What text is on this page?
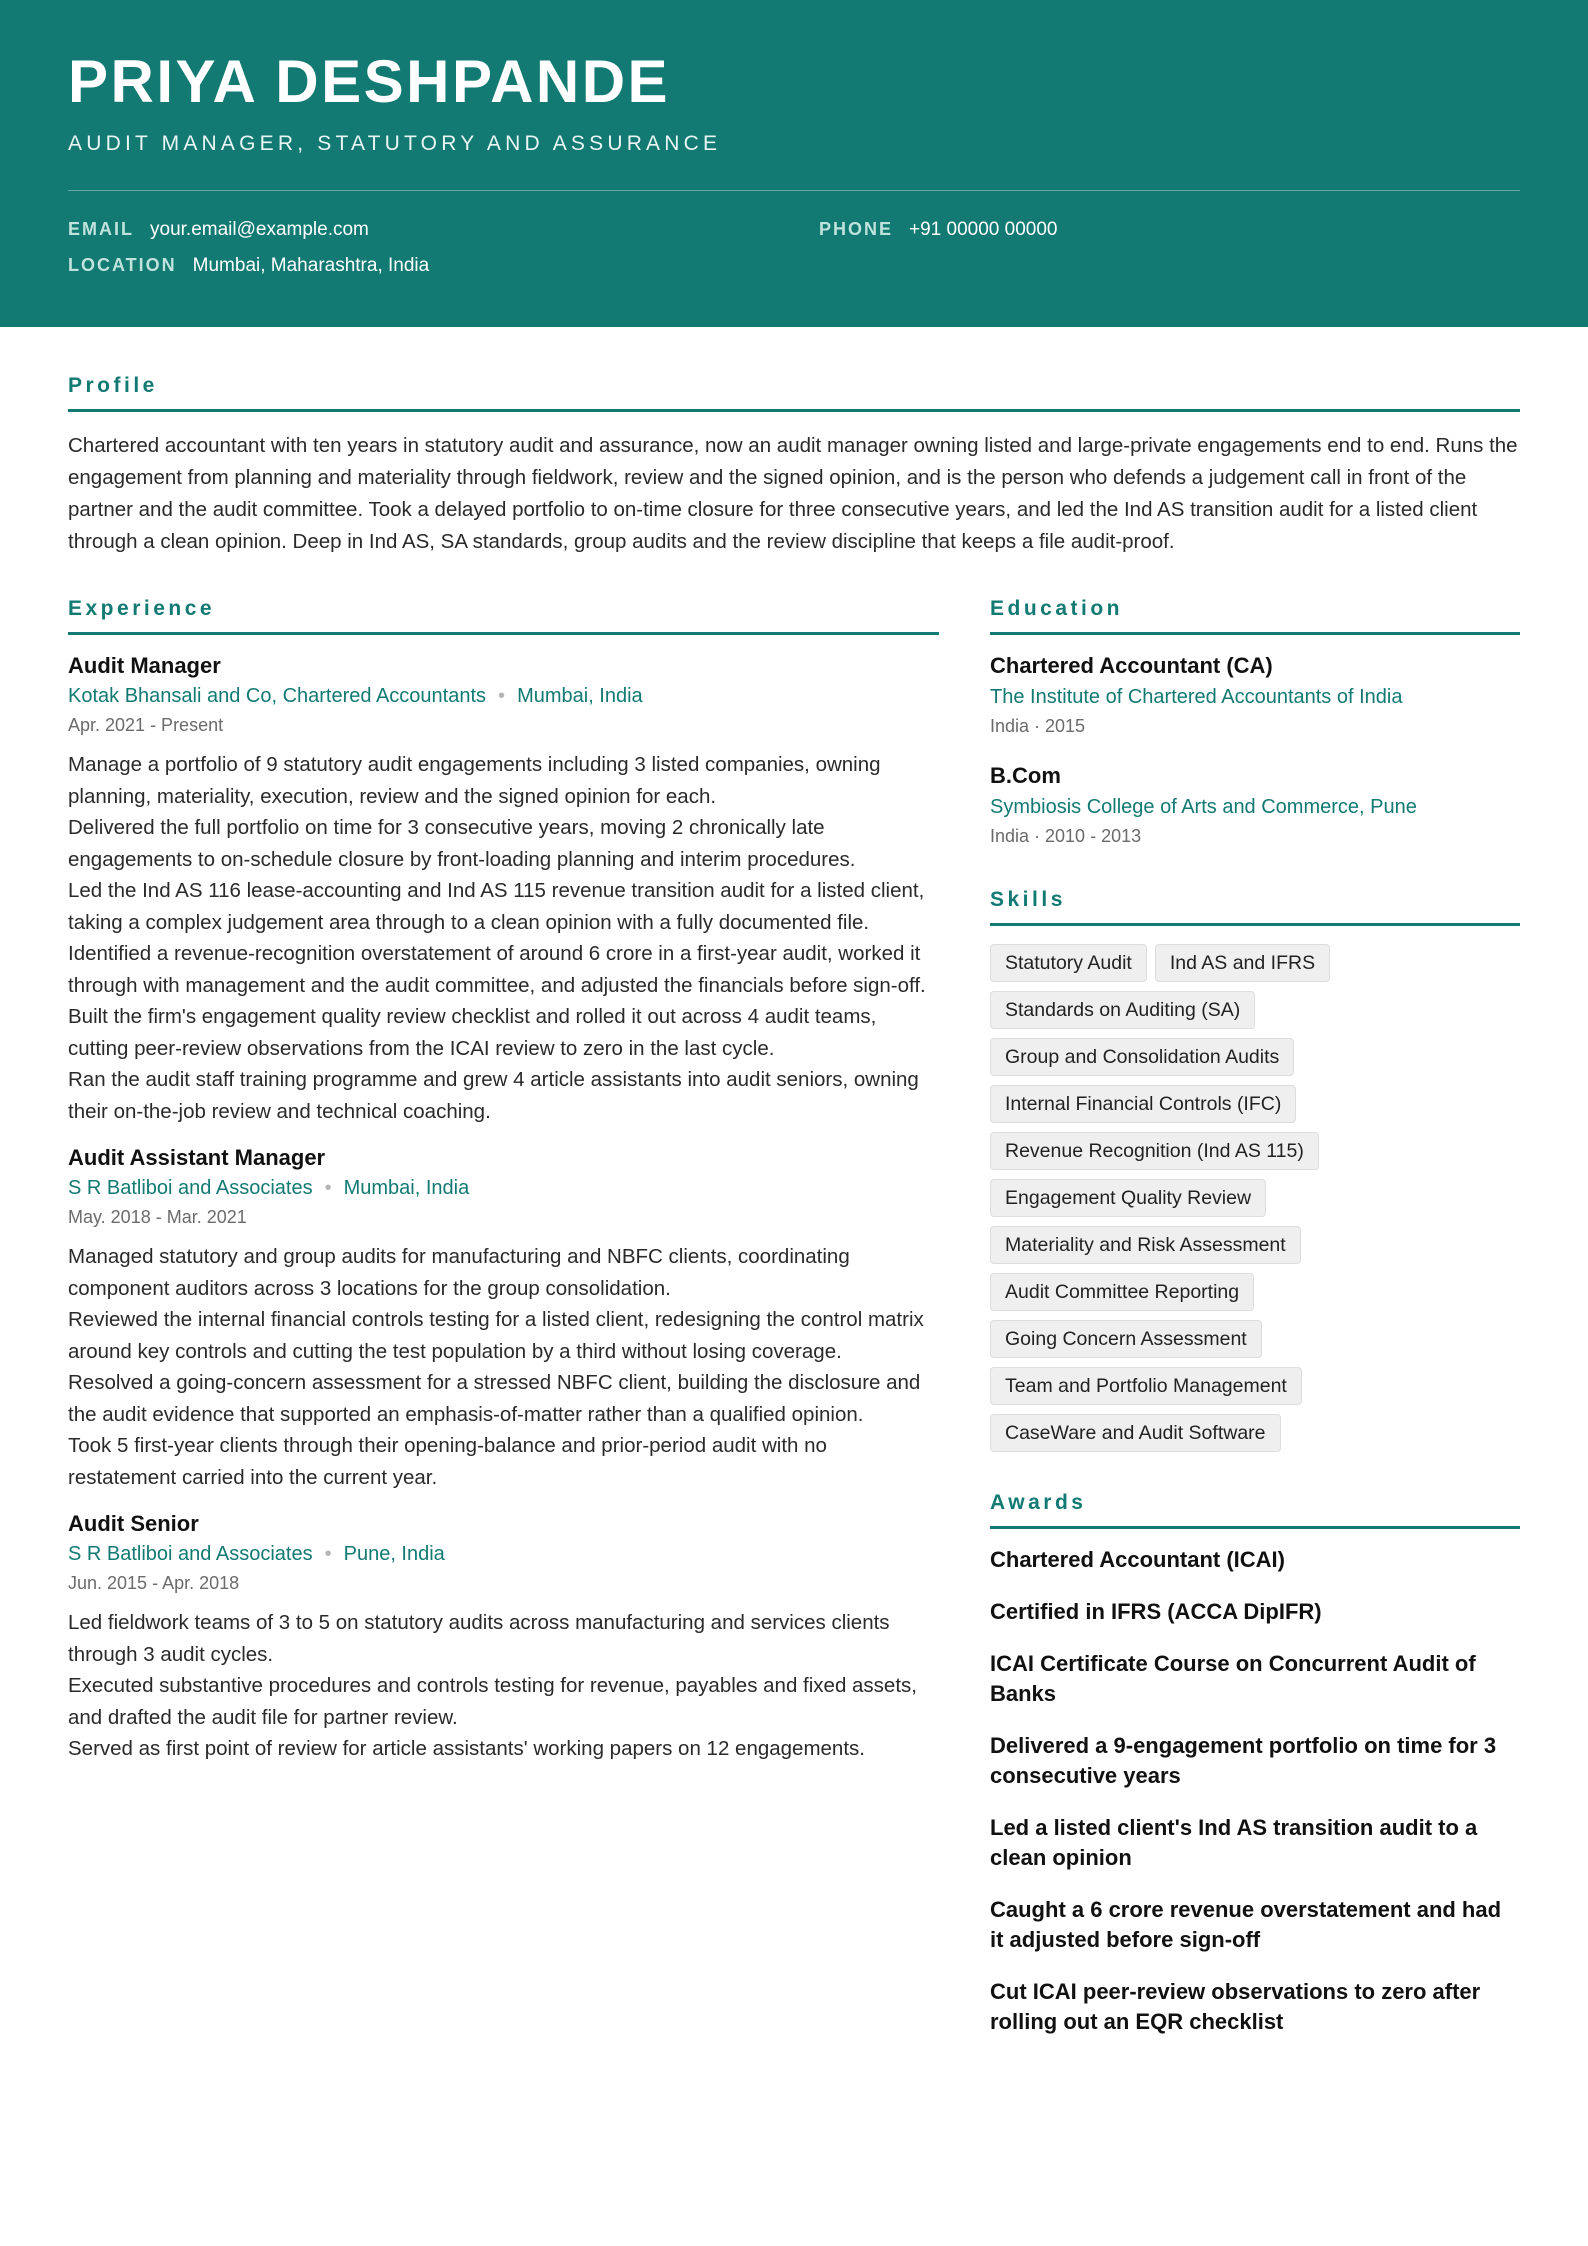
PRIYA DESHPANDE
AUDIT MANAGER, STATUTORY AND ASSURANCE
EMAIL your.email@example.com	PHONE +91 00000 00000
LOCATION Mumbai, Maharashtra, India
Profile

Chartered accountant with ten years in statutory audit and assurance, now an audit manager owning listed and large-private engagements end to end. Runs the engagement from planning and materiality through fieldwork, review and the signed opinion, and is the person who defends a judgement call in front of the partner and the audit committee. Took a delayed portfolio to on-time closure for three consecutive years, and led the Ind AS transition audit for a listed client through a clean opinion. Deep in Ind AS, SA standards, group audits and the review discipline that keeps a file audit-proof.

Experience
Audit Manager
Kotak Bhansali and Co, Chartered Accountants • Mumbai, India
Apr. 2021 - Present
Manage a portfolio of 9 statutory audit engagements including 3 listed companies, owning planning, materiality, execution, review and the signed opinion for each.
Delivered the full portfolio on time for 3 consecutive years, moving 2 chronically late engagements to on-schedule closure by front-loading planning and interim procedures.
Led the Ind AS 116 lease-accounting and Ind AS 115 revenue transition audit for a listed client, taking a complex judgement area through to a clean opinion with a fully documented file.
Identified a revenue-recognition overstatement of around 6 crore in a first-year audit, worked it through with management and the audit committee, and adjusted the financials before sign-off.
Built the firm's engagement quality review checklist and rolled it out across 4 audit teams, cutting peer-review observations from the ICAI review to zero in the last cycle.
Ran the audit staff training programme and grew 4 article assistants into audit seniors, owning their on-the-job review and technical coaching.
Audit Assistant Manager
S R Batliboi and Associates • Mumbai, India
May. 2018 - Mar. 2021
Managed statutory and group audits for manufacturing and NBFC clients, coordinating component auditors across 3 locations for the group consolidation.
Reviewed the internal financial controls testing for a listed client, redesigning the control matrix around key controls and cutting the test population by a third without losing coverage.
Resolved a going-concern assessment for a stressed NBFC client, building the disclosure and the audit evidence that supported an emphasis-of-matter rather than a qualified opinion.
Took 5 first-year clients through their opening-balance and prior-period audit with no restatement carried into the current year.
Audit Senior
S R Batliboi and Associates • Pune, India
Jun. 2015 - Apr. 2018
Led fieldwork teams of 3 to 5 on statutory audits across manufacturing and services clients through 3 audit cycles.
Executed substantive procedures and controls testing for revenue, payables and fixed assets, and drafted the audit file for partner review.
Served as first point of review for article assistants' working papers on 12 engagements.
Education
Chartered Accountant (CA)
The Institute of Chartered Accountants of India
India · 2015
B.Com
Symbiosis College of Arts and Commerce, Pune
India · 2010 - 2013
Skills
Statutory Audit	Ind AS and IFRS
Standards on Auditing (SA)
Group and Consolidation Audits
Internal Financial Controls (IFC)
Revenue Recognition (Ind AS 115)
Engagement Quality Review
Materiality and Risk Assessment
Audit Committee Reporting
Going Concern Assessment
Team and Portfolio Management
CaseWare and Audit Software
Awards
Chartered Accountant (ICAI)
Certified in IFRS (ACCA DipIFR)
ICAI Certificate Course on Concurrent Audit of Banks
Delivered a 9-engagement portfolio on time for 3 consecutive years
Led a listed client's Ind AS transition audit to a clean opinion
Caught a 6 crore revenue overstatement and had it adjusted before sign-off
Cut ICAI peer-review observations to zero after rolling out an EQR checklist
